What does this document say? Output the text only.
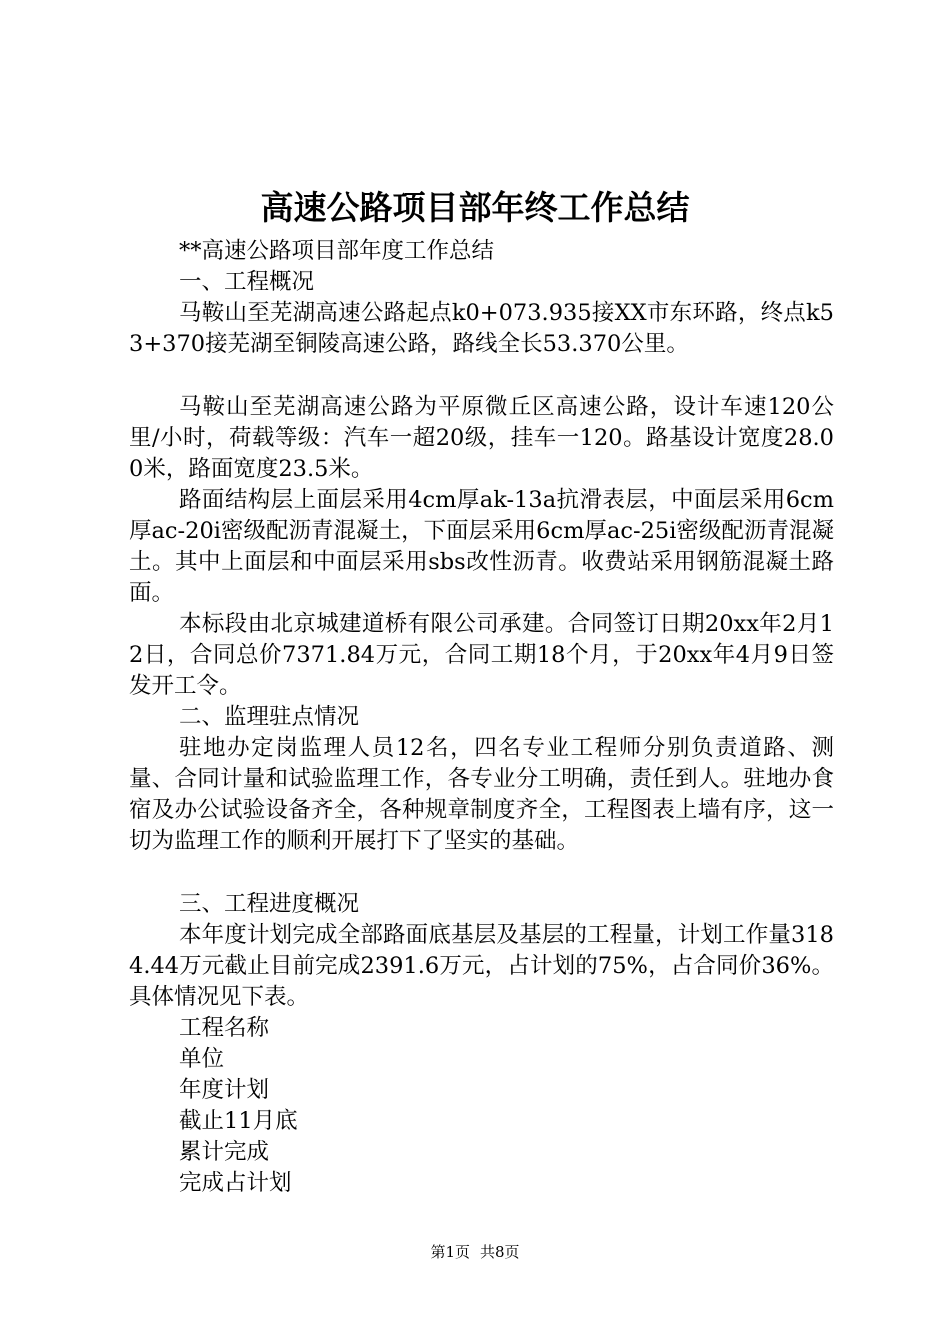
高速公路项目部年终工作总结

**高速公路项目部年度工作总结

一、工程概况

马鞍山至芜湖高速公路起点k0+073.935接XX市东环路，终点k53+370接芜湖至铜陵高速公路，路线全长53.370公里。

马鞍山至芜湖高速公路为平原微丘区高速公路，设计车速120公里/小时，荷载等级：汽车一超20级，挂车一120。路基设计宽度28.00米，路面宽度23.5米。

路面结构层上面层采用4cm厚ak-13a抗滑表层，中面层采用6cm厚ac-20i密级配沥青混凝土，下面层采用6cm厚ac-25i密级配沥青混凝土。其中上面层和中面层采用sbs改性沥青。收费站采用钢筋混凝土路面。

本标段由北京城建道桥有限公司承建。合同签订日期20xx年2月12日，合同总价7371.84万元，合同工期18个月，于20xx年4月9日签发开工令。

二、监理驻点情况

驻地办定岗监理人员12名，四名专业工程师分别负责道路、测量、合同计量和试验监理工作，各专业分工明确，责任到人。驻地办食宿及办公试验设备齐全，各种规章制度齐全，工程图表上墙有序，这一切为监理工作的顺利开展打下了坚实的基础。

三、工程进度概况

本年度计划完成全部路面底基层及基层的工程量，计划工作量3184.44万元截止目前完成2391.6万元，占计划的75%，占合同价36%。具体情况见下表。

工程名称

单位

年度计划

截止11月底

累计完成

完成占计划

第1页 共8页
